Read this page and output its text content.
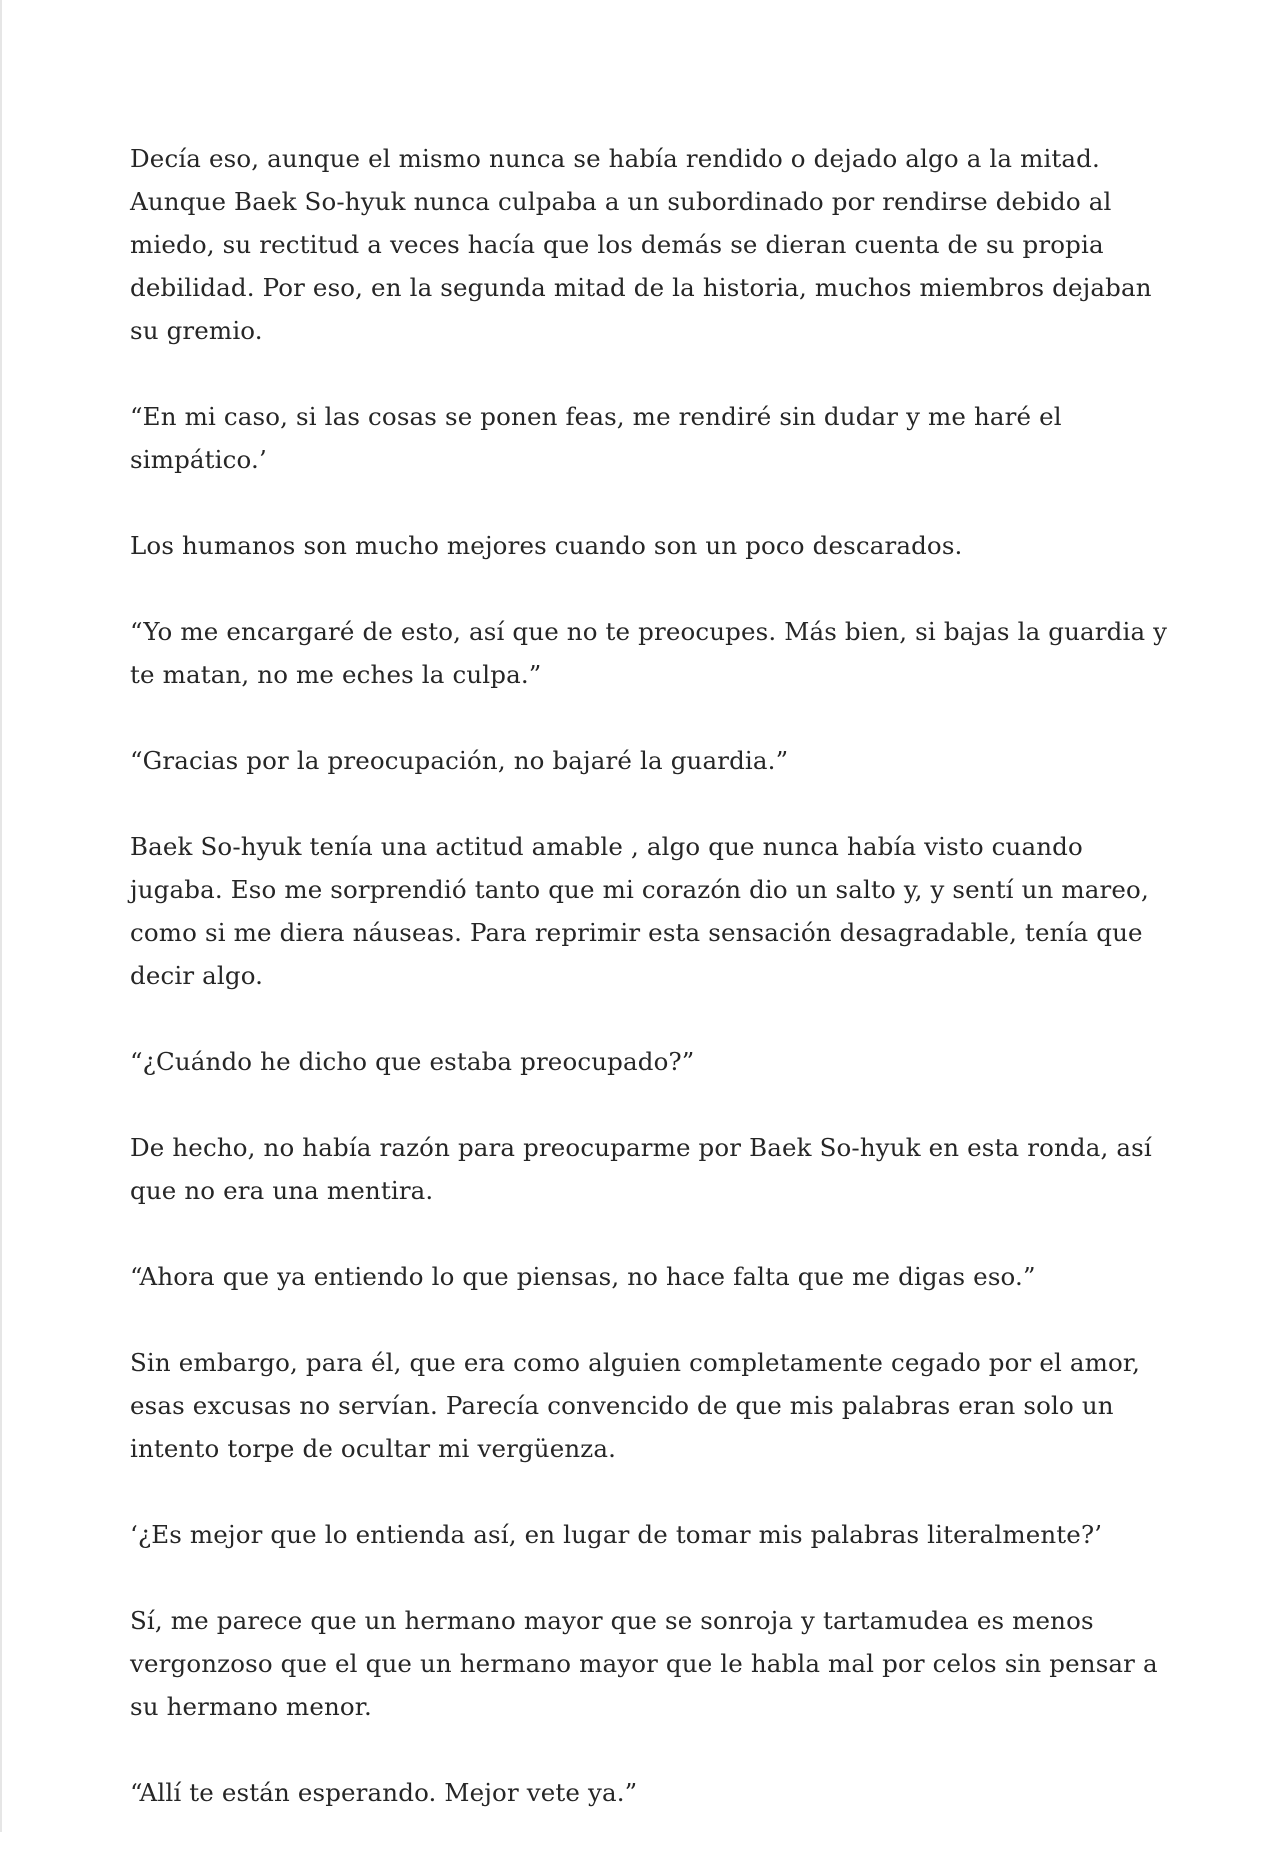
Decía eso, aunque el mismo nunca se había rendido o dejado algo a la mitad. Aunque Baek So-hyuk nunca culpaba a un subordinado por rendirse debido al miedo, su rectitud a veces hacía que los demás se dieran cuenta de su propia debilidad. Por eso, en la segunda mitad de la historia, muchos miembros dejaban su gremio.

“En mi caso, si las cosas se ponen feas, me rendiré sin dudar y me haré el simpático.’

Los humanos son mucho mejores cuando son un poco descarados.

“Yo me encargaré de esto, así que no te preocupes. Más bien, si bajas la guardia y te matan, no me eches la culpa.”

“Gracias por la preocupación, no bajaré la guardia.”

Baek So-hyuk tenía una actitud amable , algo que nunca había visto cuando jugaba. Eso me sorprendió tanto que mi corazón dio un salto y, y sentí un mareo, como si me diera náuseas. Para reprimir esta sensación desagradable, tenía que decir algo.

“¿Cuándo he dicho que estaba preocupado?”

De hecho, no había razón para preocuparme por Baek So-hyuk en esta ronda, así que no era una mentira.

“Ahora que ya entiendo lo que piensas, no hace falta que me digas eso.”

Sin embargo, para él, que era como alguien completamente cegado por el amor, esas excusas no servían. Parecía convencido de que mis palabras eran solo un intento torpe de ocultar mi vergüenza.

‘¿Es mejor que lo entienda así, en lugar de tomar mis palabras literalmente?’

Sí, me parece que un hermano mayor que se sonroja y tartamudea es menos vergonzoso que el que un hermano mayor que le habla mal por celos sin pensar a su hermano menor.

“Allí te están esperando. Mejor vete ya.”
